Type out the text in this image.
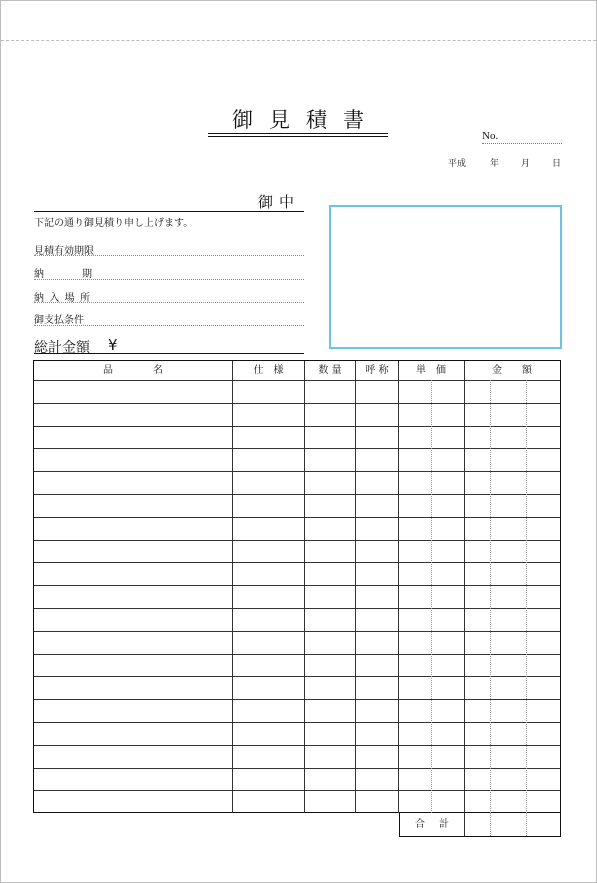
御見積書
No.
平成	年 月 日
御中
下記の通り御見積り申し上げます。
見積有効期限
納期
納入場所
御支払条件
総計金額 ¥
品　　　　名	仕　様	数 量	呼 称	単　価	金　　額
合計
